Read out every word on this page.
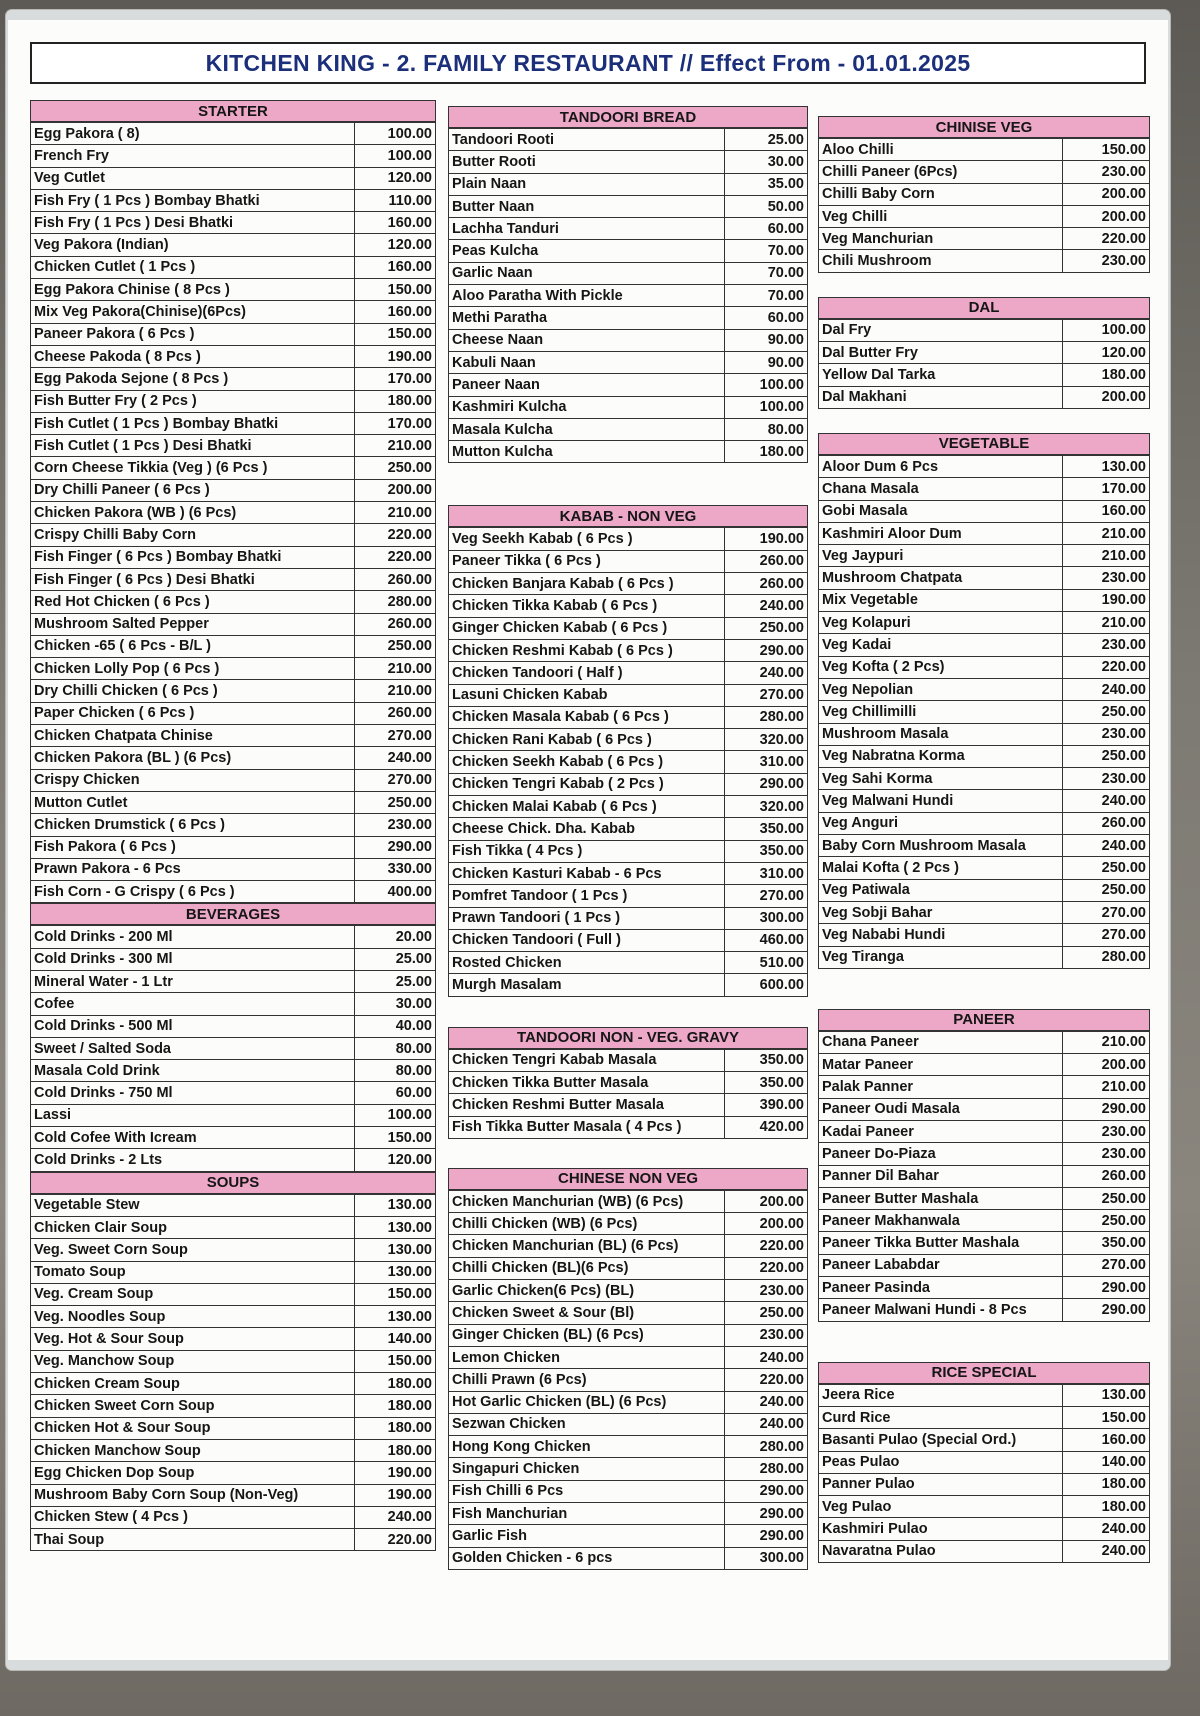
KITCHEN KING - 2. FAMILY RESTAURANT // Effect From - 01.01.2025
STARTER
Egg Pakora ( 8)	100.00
French Fry	100.00
Veg Cutlet	120.00
Fish Fry ( 1 Pcs ) Bombay Bhatki	110.00
Fish Fry ( 1 Pcs ) Desi Bhatki	160.00
Veg Pakora (Indian)	120.00
Chicken Cutlet ( 1 Pcs )	160.00
Egg Pakora Chinise ( 8 Pcs )	150.00
Mix Veg Pakora(Chinise)(6Pcs)	160.00
Paneer Pakora ( 6 Pcs )	150.00
Cheese Pakoda ( 8 Pcs )	190.00
Egg Pakoda Sejone ( 8 Pcs )	170.00
Fish Butter Fry ( 2 Pcs )	180.00
Fish Cutlet ( 1 Pcs ) Bombay Bhatki	170.00
Fish Cutlet ( 1 Pcs ) Desi Bhatki	210.00
Corn Cheese Tikkia (Veg ) (6 Pcs )	250.00
Dry Chilli Paneer ( 6 Pcs )	200.00
Chicken Pakora (WB ) (6 Pcs)	210.00
Crispy Chilli Baby Corn	220.00
Fish Finger ( 6 Pcs ) Bombay Bhatki	220.00
Fish Finger ( 6 Pcs ) Desi Bhatki	260.00
Red Hot Chicken ( 6 Pcs )	280.00
Mushroom Salted Pepper	260.00
Chicken -65 ( 6 Pcs - B/L )	250.00
Chicken Lolly Pop ( 6 Pcs )	210.00
Dry Chilli Chicken ( 6 Pcs )	210.00
Paper Chicken ( 6 Pcs )	260.00
Chicken Chatpata Chinise	270.00
Chicken Pakora (BL ) (6 Pcs)	240.00
Crispy Chicken	270.00
Mutton Cutlet	250.00
Chicken Drumstick ( 6 Pcs )	230.00
Fish Pakora ( 6 Pcs )	290.00
Prawn Pakora - 6 Pcs	330.00
Fish Corn - G Crispy ( 6 Pcs )	400.00
BEVERAGES
Cold Drinks - 200 Ml	20.00
Cold Drinks - 300 Ml	25.00
Mineral Water - 1 Ltr	25.00
Cofee	30.00
Cold Drinks - 500 Ml	40.00
Sweet / Salted Soda	80.00
Masala Cold Drink	80.00
Cold Drinks - 750 Ml	60.00
Lassi	100.00
Cold Cofee With Icream	150.00
Cold Drinks - 2 Lts	120.00
SOUPS
Vegetable Stew	130.00
Chicken Clair Soup	130.00
Veg. Sweet Corn Soup	130.00
Tomato Soup	130.00
Veg. Cream Soup	150.00
Veg. Noodles Soup	130.00
Veg. Hot & Sour Soup	140.00
Veg. Manchow Soup	150.00
Chicken Cream Soup	180.00
Chicken Sweet Corn Soup	180.00
Chicken Hot & Sour Soup	180.00
Chicken Manchow Soup	180.00
Egg Chicken Dop Soup	190.00
Mushroom Baby Corn Soup (Non-Veg)	190.00
Chicken Stew ( 4 Pcs )	240.00
Thai Soup	220.00
TANDOORI BREAD
Tandoori Rooti	25.00
Butter Rooti	30.00
Plain Naan	35.00
Butter Naan	50.00
Lachha Tanduri	60.00
Peas Kulcha	70.00
Garlic Naan	70.00
Aloo Paratha With Pickle	70.00
Methi Paratha	60.00
Cheese Naan	90.00
Kabuli Naan	90.00
Paneer Naan	100.00
Kashmiri Kulcha	100.00
Masala Kulcha	80.00
Mutton Kulcha	180.00
KABAB - NON VEG
Veg Seekh Kabab ( 6 Pcs )	190.00
Paneer Tikka ( 6 Pcs )	260.00
Chicken Banjara Kabab ( 6 Pcs )	260.00
Chicken Tikka Kabab ( 6 Pcs )	240.00
Ginger Chicken Kabab ( 6 Pcs )	250.00
Chicken Reshmi Kabab ( 6 Pcs )	290.00
Chicken Tandoori ( Half )	240.00
Lasuni Chicken Kabab	270.00
Chicken Masala Kabab ( 6 Pcs )	280.00
Chicken Rani Kabab ( 6 Pcs )	320.00
Chicken Seekh Kabab ( 6 Pcs )	310.00
Chicken Tengri Kabab ( 2 Pcs )	290.00
Chicken Malai Kabab ( 6 Pcs )	320.00
Cheese Chick. Dha. Kabab	350.00
Fish Tikka ( 4 Pcs )	350.00
Chicken Kasturi Kabab - 6 Pcs	310.00
Pomfret Tandoor ( 1 Pcs )	270.00
Prawn Tandoori ( 1 Pcs )	300.00
Chicken Tandoori ( Full )	460.00
Rosted Chicken	510.00
Murgh Masalam	600.00
TANDOORI NON - VEG. GRAVY
Chicken Tengri Kabab Masala	350.00
Chicken Tikka Butter Masala	350.00
Chicken Reshmi Butter Masala	390.00
Fish Tikka Butter Masala ( 4 Pcs )	420.00
CHINESE NON VEG
Chicken Manchurian (WB) (6 Pcs)	200.00
Chilli Chicken (WB) (6 Pcs)	200.00
Chicken Manchurian (BL) (6 Pcs)	220.00
Chilli Chicken (BL)(6 Pcs)	220.00
Garlic Chicken(6 Pcs) (BL)	230.00
Chicken Sweet & Sour (Bl)	250.00
Ginger Chicken (BL) (6 Pcs)	230.00
Lemon Chicken	240.00
Chilli Prawn (6 Pcs)	220.00
Hot Garlic Chicken (BL) (6 Pcs)	240.00
Sezwan Chicken	240.00
Hong Kong Chicken	280.00
Singapuri Chicken	280.00
Fish Chilli 6 Pcs	290.00
Fish Manchurian	290.00
Garlic Fish	290.00
Golden Chicken - 6 pcs	300.00
CHINISE VEG
Aloo Chilli	150.00
Chilli Paneer (6Pcs)	230.00
Chilli Baby Corn	200.00
Veg Chilli	200.00
Veg Manchurian	220.00
Chili Mushroom	230.00
DAL
Dal Fry	100.00
Dal Butter Fry	120.00
Yellow Dal Tarka	180.00
Dal Makhani	200.00
VEGETABLE
Aloor Dum 6 Pcs	130.00
Chana Masala	170.00
Gobi Masala	160.00
Kashmiri Aloor Dum	210.00
Veg Jaypuri	210.00
Mushroom Chatpata	230.00
Mix Vegetable	190.00
Veg Kolapuri	210.00
Veg Kadai	230.00
Veg Kofta ( 2 Pcs)	220.00
Veg Nepolian	240.00
Veg Chillimilli	250.00
Mushroom Masala	230.00
Veg Nabratna Korma	250.00
Veg Sahi Korma	230.00
Veg Malwani Hundi	240.00
Veg Anguri	260.00
Baby Corn Mushroom Masala	240.00
Malai Kofta ( 2 Pcs )	250.00
Veg Patiwala	250.00
Veg Sobji Bahar	270.00
Veg Nababi Hundi	270.00
Veg Tiranga	280.00
PANEER
Chana Paneer	210.00
Matar Paneer	200.00
Palak Panner	210.00
Paneer Oudi Masala	290.00
Kadai Paneer	230.00
Paneer Do-Piaza	230.00
Panner Dil Bahar	260.00
Paneer Butter Mashala	250.00
Paneer Makhanwala	250.00
Paneer Tikka Butter Mashala	350.00
Paneer Lababdar	270.00
Paneer Pasinda	290.00
Paneer Malwani Hundi - 8 Pcs	290.00
RICE SPECIAL
Jeera Rice	130.00
Curd Rice	150.00
Basanti Pulao (Special Ord.)	160.00
Peas Pulao	140.00
Panner Pulao	180.00
Veg Pulao	180.00
Kashmiri Pulao	240.00
Navaratna Pulao	240.00
